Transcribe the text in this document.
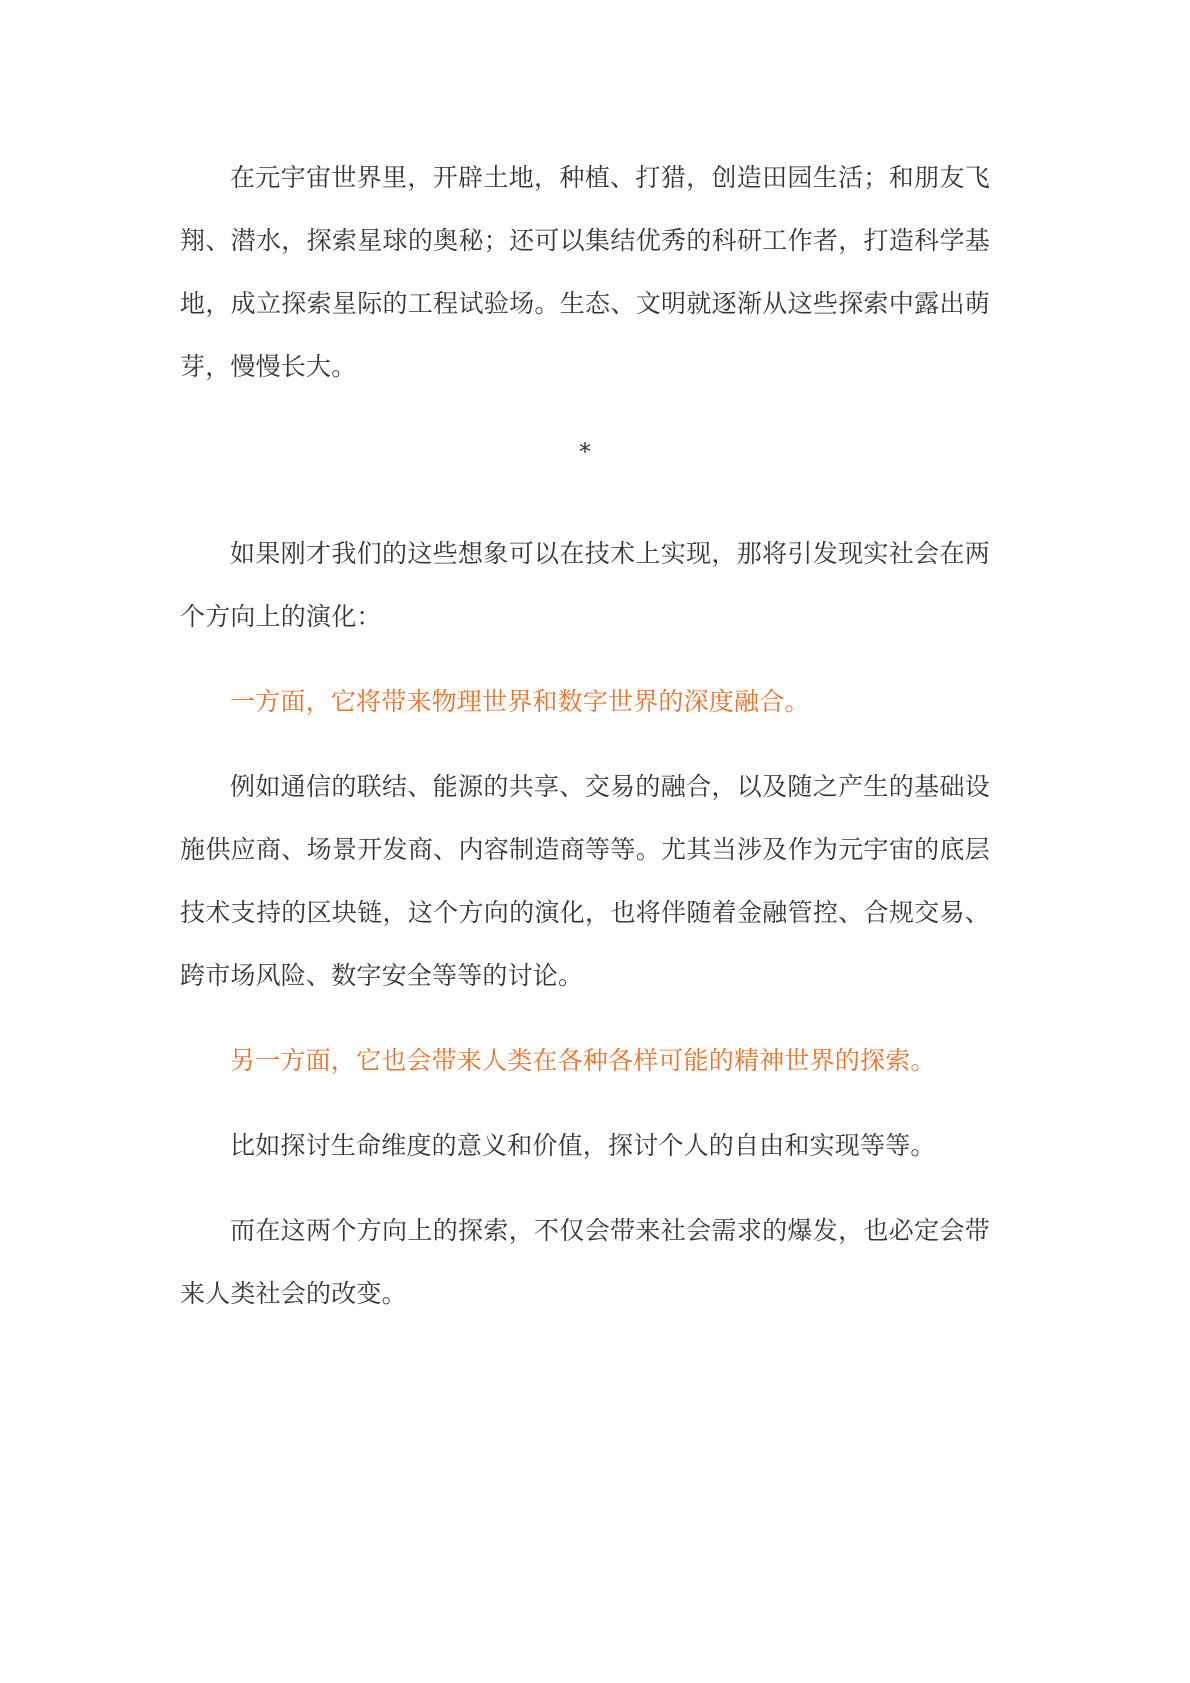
在元宇宙世界里，开辟土地，种植、打猎，创造田园生活；和朋友飞翔、潜水，探索星球的奥秘；还可以集结优秀的科研工作者，打造科学基地，成立探索星际的工程试验场。生态、文明就逐渐从这些探索中露出萌芽，慢慢长大。

*

如果刚才我们的这些想象可以在技术上实现，那将引发现实社会在两个方向上的演化：

一方面，它将带来物理世界和数字世界的深度融合。

例如通信的联结、能源的共享、交易的融合，以及随之产生的基础设施供应商、场景开发商、内容制造商等等。尤其当涉及作为元宇宙的底层技术支持的区块链，这个方向的演化，也将伴随着金融管控、合规交易、跨市场风险、数字安全等等的讨论。

另一方面，它也会带来人类在各种各样可能的精神世界的探索。

比如探讨生命维度的意义和价值，探讨个人的自由和实现等等。

而在这两个方向上的探索，不仅会带来社会需求的爆发，也必定会带来人类社会的改变。
